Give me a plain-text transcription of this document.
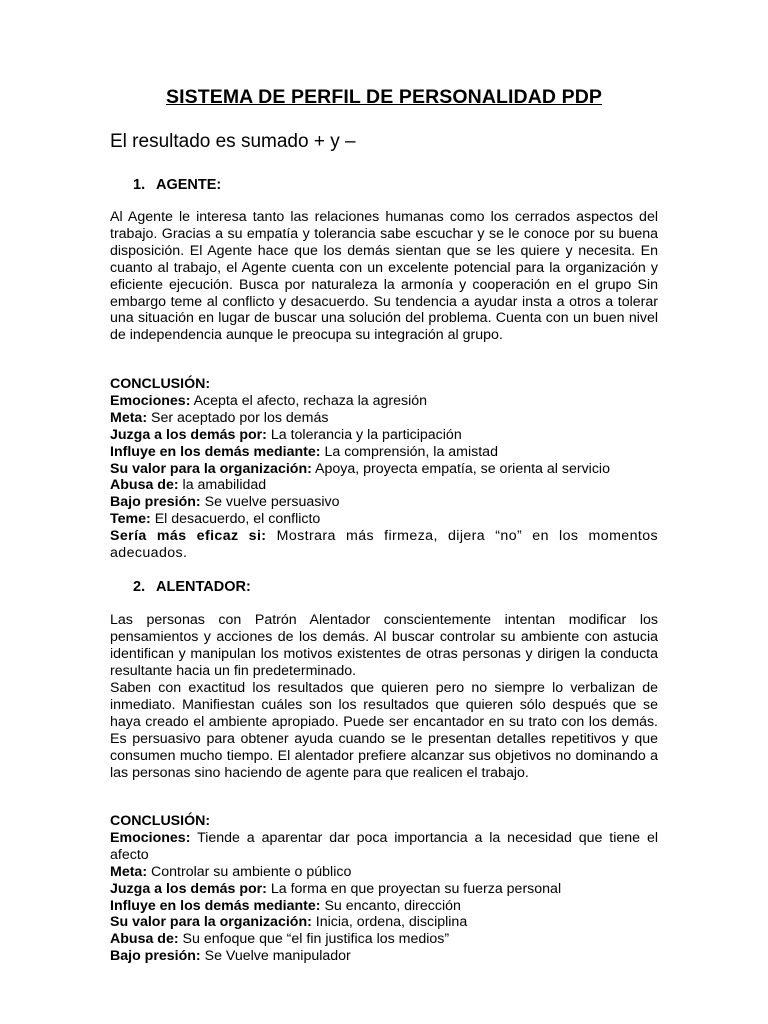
SISTEMA DE PERFIL DE PERSONALIDAD PDP
El resultado es sumado + y –
1. AGENTE:
Al Agente le interesa tanto las relaciones humanas como los cerrados aspectos del trabajo. Gracias a su empatía y tolerancia sabe escuchar y se le conoce por su buena disposición. El Agente hace que los demás sientan que se les quiere y necesita. En cuanto al trabajo, el Agente cuenta con un excelente potencial para la organización y eficiente ejecución. Busca por naturaleza la armonía y cooperación en el grupo Sin embargo teme al conflicto y desacuerdo. Su tendencia a ayudar insta a otros a tolerar una situación en lugar de buscar una solución del problema. Cuenta con un buen nivel de independencia aunque le preocupa su integración al grupo.
CONCLUSIÓN:
Emociones: Acepta el afecto, rechaza la agresión
Meta: Ser aceptado por los demás
Juzga a los demás por: La tolerancia y la participación
Influye en los demás mediante: La comprensión, la amistad
Su valor para la organización: Apoya, proyecta empatía, se orienta al servicio
Abusa de: la amabilidad
Bajo presión: Se vuelve persuasivo
Teme: El desacuerdo, el conflicto
Sería más eficaz si: Mostrara más firmeza, dijera “no” en los momentos adecuados.
2. ALENTADOR:
Las personas con Patrón Alentador conscientemente intentan modificar los pensamientos y acciones de los demás. Al buscar controlar su ambiente con astucia identifican y manipulan los motivos existentes de otras personas y dirigen la conducta resultante hacia un fin predeterminado.
Saben con exactitud los resultados que quieren pero no siempre lo verbalizan de inmediato. Manifiestan cuáles son los resultados que quieren sólo después que se haya creado el ambiente apropiado. Puede ser encantador en su trato con los demás. Es persuasivo para obtener ayuda cuando se le presentan detalles repetitivos y que consumen mucho tiempo. El alentador prefiere alcanzar sus objetivos no dominando a las personas sino haciendo de agente para que realicen el trabajo.
CONCLUSIÓN:
Emociones: Tiende a aparentar dar poca importancia a la necesidad que tiene el afecto
Meta: Controlar su ambiente o público
Juzga a los demás por: La forma en que proyectan su fuerza personal
Influye en los demás mediante: Su encanto, dirección
Su valor para la organización: Inicia, ordena, disciplina
Abusa de: Su enfoque que “el fin justifica los medios”
Bajo presión: Se Vuelve manipulador
